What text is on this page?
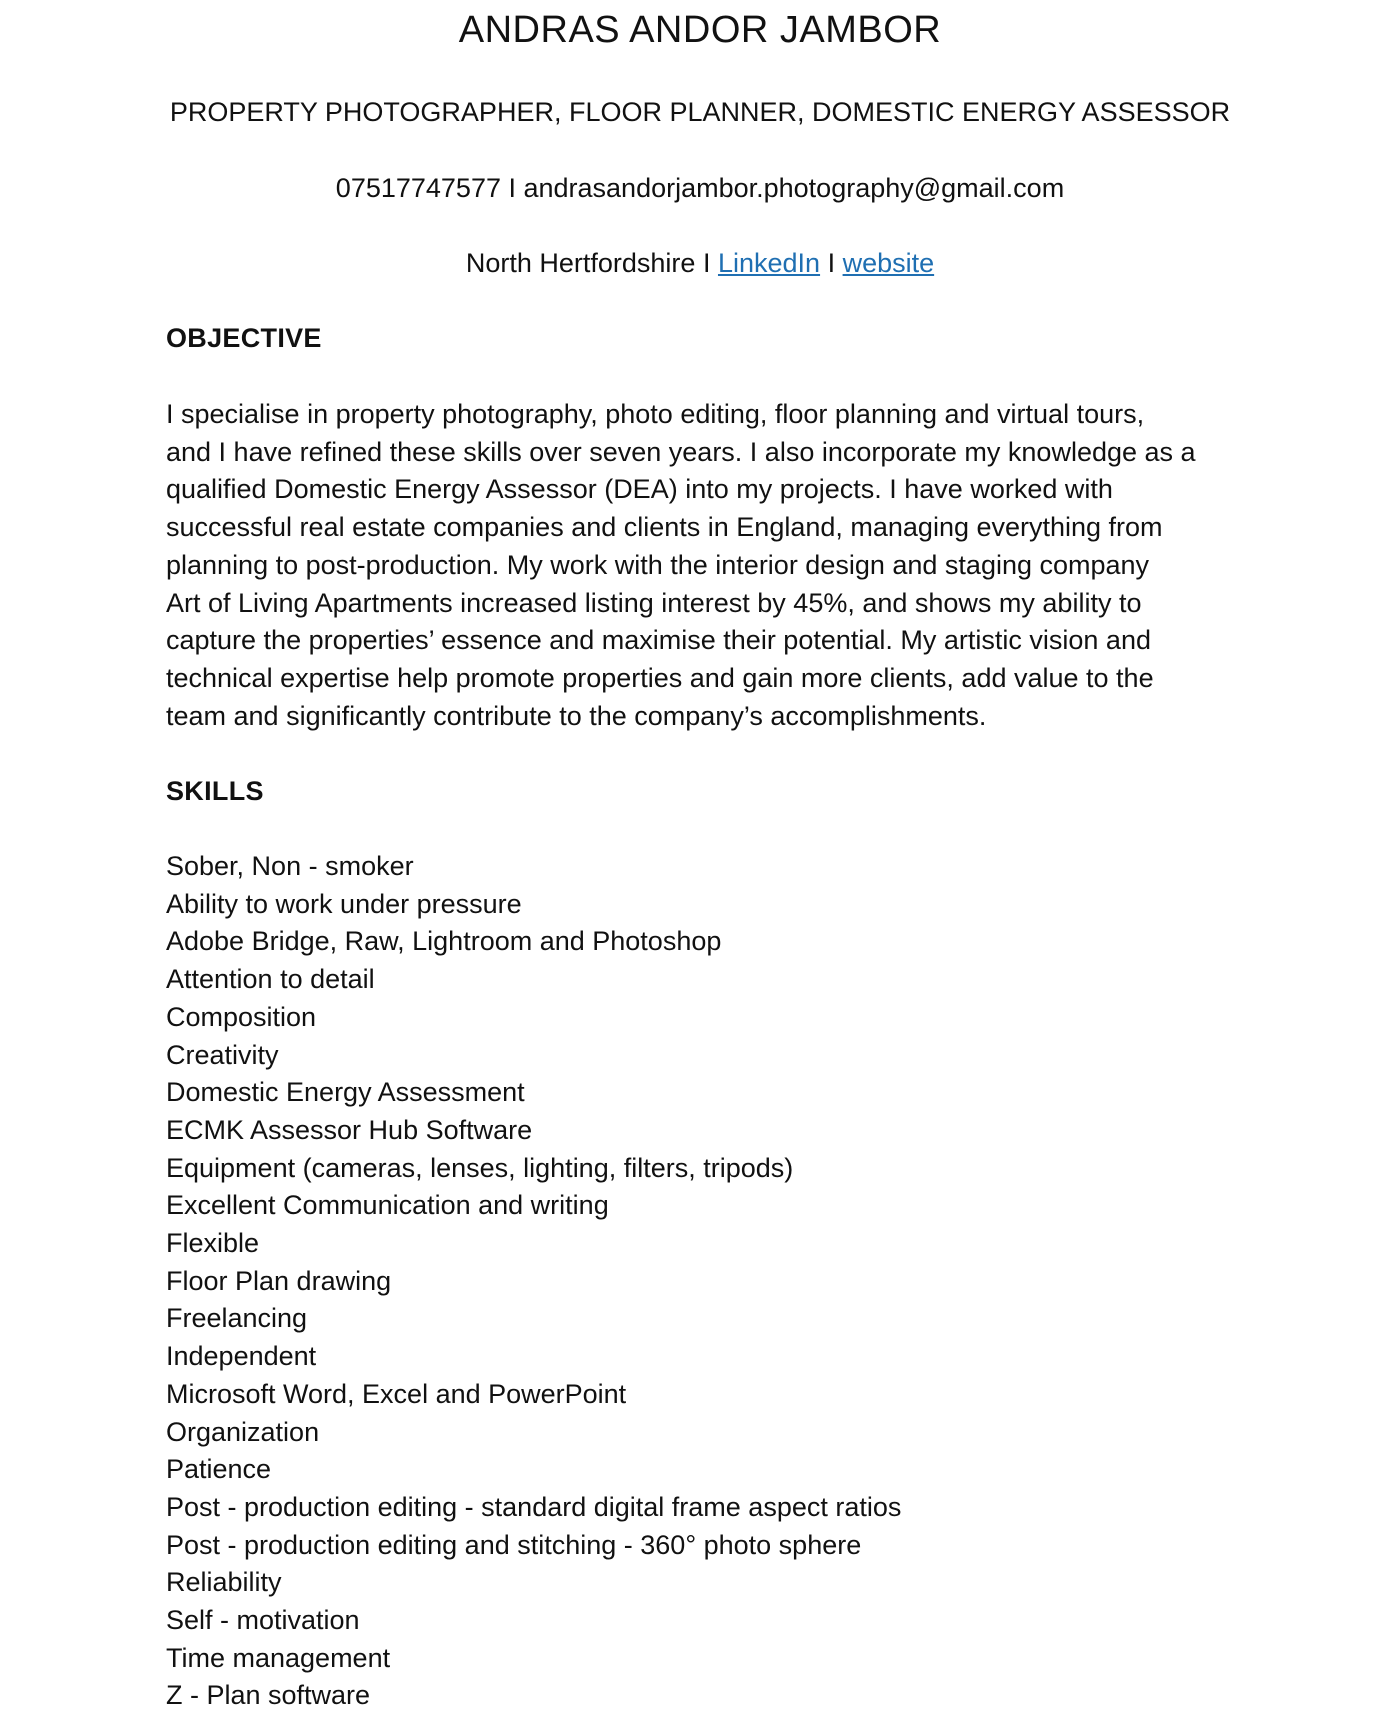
ANDRAS ANDOR JAMBOR

PROPERTY PHOTOGRAPHER, FLOOR PLANNER, DOMESTIC ENERGY ASSESSOR

07517747577 I andrasandorjambor.photography@gmail.com

North Hertfordshire I LinkedIn I website

OBJECTIVE
I specialise in property photography, photo editing, floor planning and virtual tours,
and I have refined these skills over seven years. I also incorporate my knowledge as a
qualified Domestic Energy Assessor (DEA) into my projects. I have worked with
successful real estate companies and clients in England, managing everything from
planning to post-production. My work with the interior design and staging company
Art of Living Apartments increased listing interest by 45%, and shows my ability to
capture the properties’ essence and maximise their potential. My artistic vision and
technical expertise help promote properties and gain more clients, add value to the
team and significantly contribute to the company’s accomplishments.
SKILLS
Sober, Non - smoker
Ability to work under pressure
Adobe Bridge, Raw, Lightroom and Photoshop
Attention to detail
Composition
Creativity
Domestic Energy Assessment
ECMK Assessor Hub Software
Equipment (cameras, lenses, lighting, filters, tripods)
Excellent Communication and writing
Flexible
Floor Plan drawing
Freelancing
Independent
Microsoft Word, Excel and PowerPoint
Organization
Patience
Post - production editing - standard digital frame aspect ratios
Post - production editing and stitching - 360° photo sphere
Reliability
Self - motivation
Time management
Z - Plan software
